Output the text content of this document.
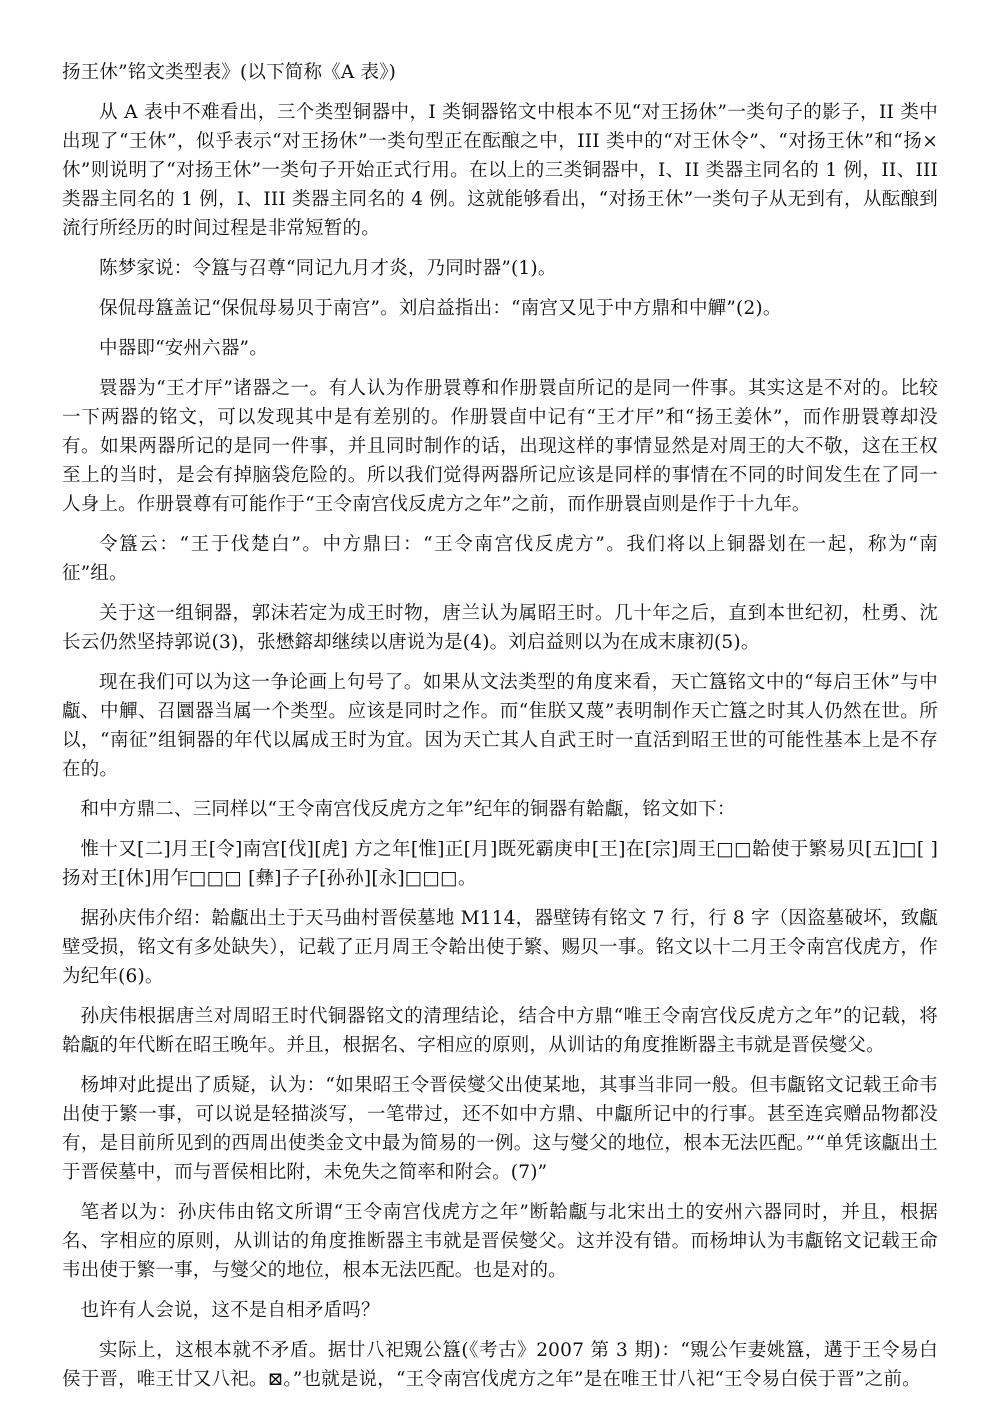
扬王休”铭文类型表》(以下简称《A 表》)

从 A 表中不难看出，三个类型铜器中，I 类铜器铭文中根本不见“对王扬休”一类句子的影子，II 类中出现了“王休”，似乎表示“对王扬休”一类句型正在酝酿之中，III 类中的“对王休令”、“对扬王休”和“扬×休”则说明了“对扬王休”一类句子开始正式行用。在以上的三类铜器中，I、II 类器主同名的 1 例，II、III 类器主同名的 1 例，I、III 类器主同名的 4 例。这就能够看出，“对扬王休”一类句子从无到有，从酝酿到流行所经历的时间过程是非常短暂的。

陈梦家说：令簋与召尊“同记九月才炎，乃同时器”(1)。

保侃母簋盖记“保侃母易贝于南宫”。刘启益指出：“南宫又见于中方鼎和中觶”(2)。

中器即“安州六器”。

睘器为“王才厈”诸器之一。有人认为作册睘尊和作册睘卣所记的是同一件事。其实这是不对的。比较一下两器的铭文，可以发现其中是有差别的。作册睘卣中记有“王才厈”和“扬王姜休”，而作册睘尊却没有。如果两器所记的是同一件事，并且同时制作的话，出现这样的事情显然是对周王的大不敬，这在王权至上的当时，是会有掉脑袋危险的。所以我们觉得两器所记应该是同样的事情在不同的时间发生在了同一人身上。作册睘尊有可能作于“王令南宫伐反虎方之年”之前，而作册睘卣则是作于十九年。

令簋云：“王于伐楚白”。中方鼎曰：“王令南宫伐反虎方”。我们将以上铜器划在一起，称为“南征”组。

关于这一组铜器，郭沫若定为成王时物，唐兰认为属昭王时。几十年之后，直到本世纪初，杜勇、沈长云仍然坚持郭说(3)，张懋鎔却继续以唐说为是(4)。刘启益则以为在成末康初(5)。

现在我们可以为这一争论画上句号了。如果从文法类型的角度来看，天亡簋铭文中的“每启王休”与中甗、中觶、召圜器当属一个类型。应该是同时之作。而“隹朕又蔑”表明制作天亡簋之时其人仍然在世。所以，“南征”组铜器的年代以属成王时为宜。因为天亡其人自武王时一直活到昭王世的可能性基本上是不存在的。

和中方鼎二、三同样以“王令南宫伐反虎方之年”纪年的铜器有韐甗，铭文如下：

惟十又[二]月王[令]南宫[伐][虎] 方之年[惟]正[月]既死霸庚申[王]在[宗]周王□□韐使于繁易贝[五]□[ ]扬对王[休]用乍□□□ [彝]子子[孙孙][永]□□□。

据孙庆伟介绍：韐甗出土于天马曲村晋侯墓地 M114，器壁铸有铭文 7 行，行 8 字（因盗墓破坏，致甗壁受损，铭文有多处缺失），记载了正月周王令韐出使于繁、赐贝一事。铭文以十二月王令南宫伐虎方，作为纪年(6)。

孙庆伟根据唐兰对周昭王时代铜器铭文的清理结论，结合中方鼎“唯王令南宫伐反虎方之年”的记载，将韐甗的年代断在昭王晚年。并且，根据名、字相应的原则，从训诂的角度推断器主韦就是晋侯燮父。

杨坤对此提出了质疑，认为：“如果昭王令晋侯燮父出使某地，其事当非同一般。但韦甗铭文记载王命韦出使于繁一事，可以说是轻描淡写，一笔带过，还不如中方鼎、中甗所记中的行事。甚至连宾赠品物都没有，是目前所见到的西周出使类金文中最为简易的一例。这与燮父的地位，根本无法匹配。”“单凭该甗出土于晋侯墓中，而与晋侯相比附，未免失之简率和附会。(7)”

笔者以为：孙庆伟由铭文所谓“王令南宫伐虎方之年”断韐甗与北宋出土的安州六器同时，并且，根据名、字相应的原则，从训诂的角度推断器主韦就是晋侯燮父。这并没有错。而杨坤认为韦甗铭文记载王命韦出使于繁一事，与燮父的地位，根本无法匹配。也是对的。

也许有人会说，这不是自相矛盾吗？

实际上，这根本就不矛盾。据廿八祀覭公簋(《考古》2007 第 3 期)：“覭公乍妻姚簋，遘于王令易白侯于晋，唯王廿又八祀。⊠。”也就是说，“王令南宫伐虎方之年”是在唯王廿八祀“王令易白侯于晋”之前。
